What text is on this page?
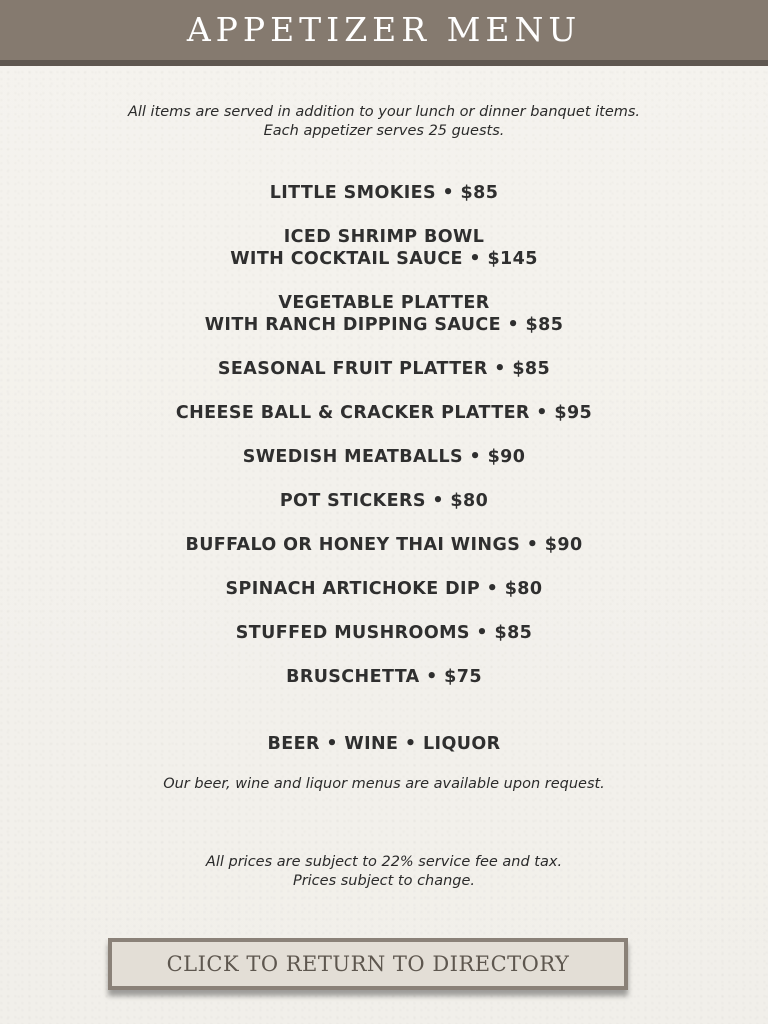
APPETIZER MENU
All items are served in addition to your lunch or dinner banquet items.
Each appetizer serves 25 guests.
LITTLE SMOKIES • $85
ICED SHRIMP BOWL
WITH COCKTAIL SAUCE • $145
VEGETABLE PLATTER
WITH RANCH DIPPING SAUCE • $85
SEASONAL FRUIT PLATTER • $85
CHEESE BALL & CRACKER PLATTER • $95
SWEDISH MEATBALLS • $90
POT STICKERS • $80
BUFFALO OR HONEY THAI WINGS • $90
SPINACH ARTICHOKE DIP • $80
STUFFED MUSHROOMS • $85
BRUSCHETTA • $75
BEER • WINE • LIQUOR
Our beer, wine and liquor menus are available upon request.
All prices are subject to 22% service fee and tax.
Prices subject to change.
CLICK TO RETURN TO DIRECTORY
